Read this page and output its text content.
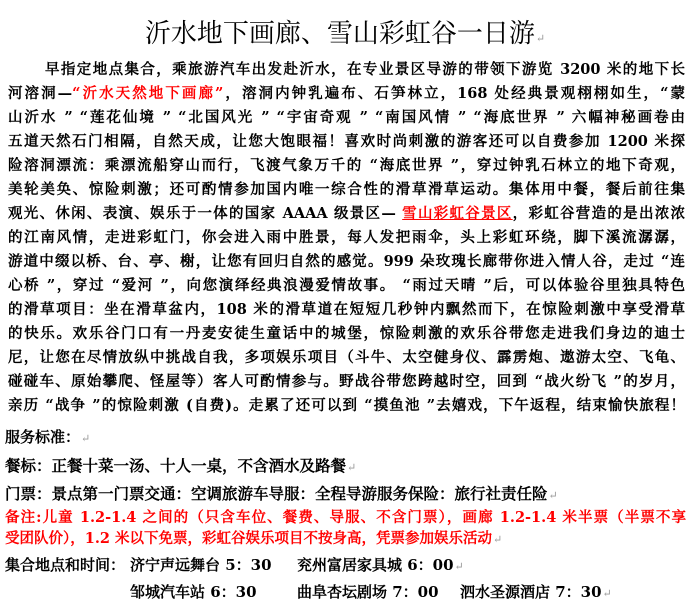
沂水地下画廊、雪山彩虹谷一日游↵
早指定地点集合，乘旅游汽车出发赴沂水，在专业景区导游的带领下游览 3200 米的地下长
河溶洞—“沂水天然地下画廊”，溶洞内钟乳遍布、石笋林立，168 处经典景观栩栩如生，“蒙
山沂水 ” “莲花仙境 ” “北国风光 ” “宇宙奇观 ” “南国风情 ” “海底世界 ” 六幅神秘画卷由
五道天然石门相隔，自然天成，让您大饱眼福！喜欢时尚刺激的游客还可以自费参加 1200 米探
险溶洞漂流：乘漂流船穿山而行，飞渡气象万千的 “海底世界 ”，穿过钟乳石林立的地下奇观，
美轮美奂、惊险刺激；还可酌情参加国内唯一综合性的滑草滑草运动。集体用中餐，餐后前往集
观光、休闲、表演、娱乐于一体的国家 AAAA 级景区— 雪山彩虹谷景区，彩虹谷营造的是出浓浓
的江南风情，走进彩虹门，你会进入雨中胜景，每人发把雨伞，头上彩虹环绕，脚下溪流潺潺，
游道中缀以桥、台、亭、榭，让您有回归自然的感觉。999 朵玫瑰长廊带你进入情人谷，走过 “连
心桥 ”，穿过 “爱河 ”，向您演绎经典浪漫爱情故事。 “雨过天晴 ”后，可以体验谷里独具特色
的滑草项目：坐在滑草盆内，108 米的滑草道在短短几秒钟内飘然而下，在惊险刺激中享受滑草
的快乐。欢乐谷门口有一丹麦安徒生童话中的城堡，惊险刺激的欢乐谷带您走进我们身边的迪士
尼，让您在尽情放纵中挑战自我，多项娱乐项目（斗牛、太空健身仪、霹雳炮、遨游太空、飞龟、
碰碰车、原始攀爬、怪屋等）客人可酌情参与。野战谷带您跨越时空，回到 “战火纷飞 ”的岁月，
亲历 “战争 ”的惊险刺激 (自费)。走累了还可以到 “摸鱼池 ”去嬉戏，下午返程，结束愉快旅程！
服务标准：↵
餐标：正餐十菜一汤、十人一桌，不含酒水及路餐↵
门票：景点第一门票交通：空调旅游车导服：全程导游服务保险：旅行社责任险↵
备注:儿童 1.2-1.4 之间的（只含车位、餐费、导服、不含门票），画廊 1.2-1.4 米半票（半票不享
受团队价），1.2 米以下免票，彩虹谷娱乐项目不按身高，凭票参加娱乐活动↵
集合地点和时间： 济宁声远舞台 5：30 兖州富居家具城 6：00↵
邹城汽车站 6：30	曲阜杏坛剧场 7：00 泗水圣源酒店 7：30↵
